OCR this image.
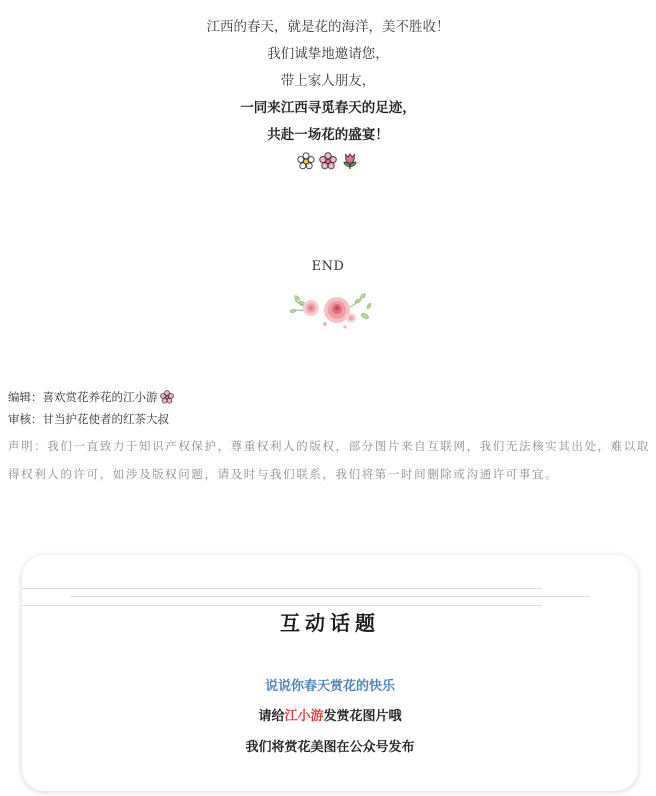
江西的春天，就是花的海洋，美不胜收！
我们诚挚地邀请您，
带上家人朋友，
一同来江西寻觅春天的足迹，
共赴一场花的盛宴！
END
编辑：喜欢赏花养花的江小游
审核：甘当护花使者的红茶大叔
声明：我们一直致力于知识产权保护，尊重权利人的版权，部分图片来自互联网，我们无法核实其出处，难以取得权利人的许可，如涉及版权问题，请及时与我们联系，我们将第一时间删除或沟通许可事宜。
互动话题
说说你春天赏花的快乐
请给江小游发赏花图片哦
我们将赏花美图在公众号发布
